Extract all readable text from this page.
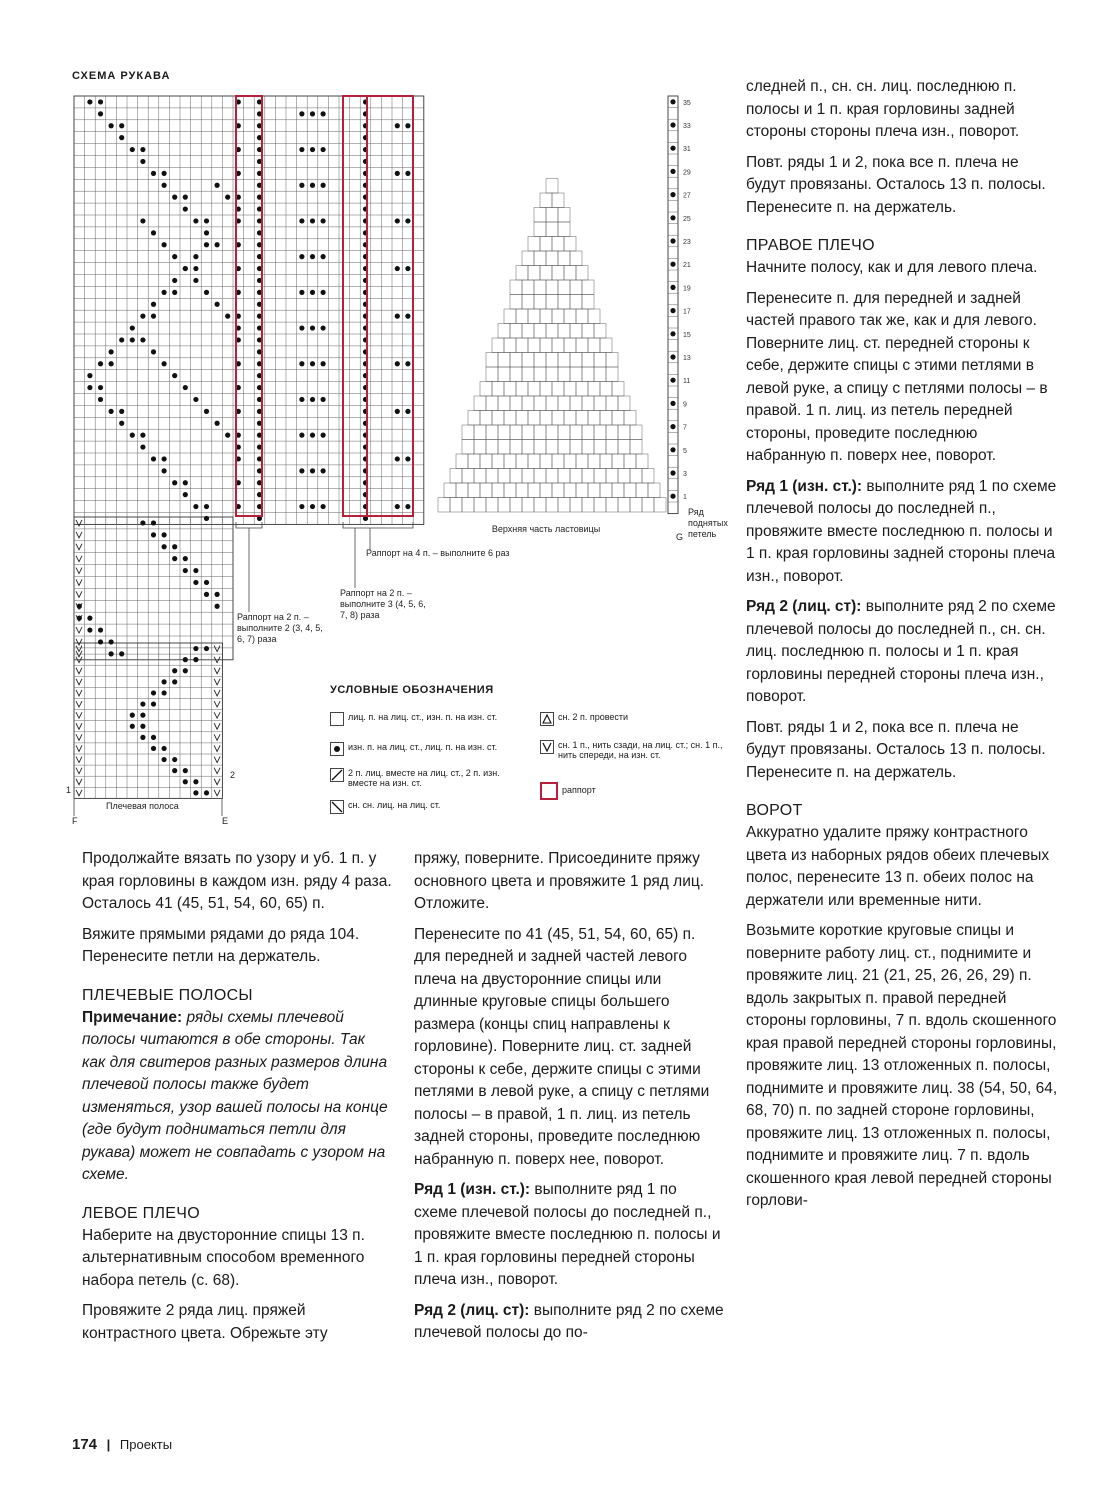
СХЕМА РУКАВА
35
33
31
29
27
25
23
21
19
17
15
13
11
9
7
5
3
1
Верхняя часть ластовицы
Ряд поднятых петель
G
Раппорт на 4 п. – выполните 6 раз
Раппорт на 2 п. – выполните 3 (4, 5, 6, 7, 8) раза
Раппорт на 2 п. – выполните 2 (3, 4, 5, 6, 7) раза
Плечевая полоса
F	E
2
1
УСЛОВНЫЕ ОБОЗНАЧЕНИЯ
лиц. п. на лиц. ст., изн. п. на изн. ст.
изн. п. на лиц. ст., лиц. п. на изн. ст.
2 п. лиц. вместе на лиц. ст., 2 п. изн. вместе на изн. ст.
сн. сн. лиц. на лиц. ст.
сн. 2 п. провести
сн. 1 п., нить сзади, на лиц. ст.; сн. 1 п., нить спереди, на изн. ст.
раппорт

Продолжайте вязать по узору и уб. 1 п. у края горловины в каждом изн. ряду 4 раза. Осталось 41 (45, 51, 54, 60, 65) п.

Вяжите прямыми рядами до ряда 104. Перенесите петли на держатель.

ПЛЕЧЕВЫЕ ПОЛОСЫ

Примечание: ряды схемы плечевой полосы читаются в обе стороны. Так как для свитеров разных размеров длина плечевой полосы также будет изменяться, узор вашей полосы на конце (где будут подниматься петли для рукава) может не совпадать с узором на схеме.

ЛЕВОЕ ПЛЕЧО

Наберите на двусторонние спицы 13 п. альтернативным способом временного набора петель (с. 68).

Провяжите 2 ряда лиц. пряжей контрастного цвета. Обрежьте эту

пряжу, поверните. Присоедините пряжу основного цвета и провяжите 1 ряд лиц. Отложите.

Перенесите по 41 (45, 51, 54, 60, 65) п. для передней и задней частей левого плеча на двусторонние спицы или длинные круговые спицы большего размера (концы спиц направлены к горловине). Поверните лиц. ст. задней стороны к себе, держите спицы с этими петлями в левой руке, а спицу с петлями полосы – в правой, 1 п. лиц. из петель задней стороны, проведите последнюю набранную п. поверх нее, поворот.

Ряд 1 (изн. ст.): выполните ряд 1 по схеме плечевой полосы до последней п., провяжите вместе последнюю п. полосы и 1 п. края горловины передней стороны плеча изн., поворот.

Ряд 2 (лиц. ст): выполните ряд 2 по схеме плечевой полосы до по-

следней п., сн. сн. лиц. последнюю п. полосы и 1 п. края горловины задней стороны стороны плеча изн., поворот.

Повт. ряды 1 и 2, пока все п. плеча не будут провязаны. Осталось 13 п. полосы. Перенесите п. на держатель.

ПРАВОЕ ПЛЕЧО

Начните полосу, как и для левого плеча.

Перенесите п. для передней и задней частей правого так же, как и для левого. Поверните лиц. ст. передней стороны к себе, держите спицы с этими петлями в левой руке, а спицу с петлями полосы – в правой. 1 п. лиц. из петель передней стороны, проведите последнюю набранную п. поверх нее, поворот.

Ряд 1 (изн. ст.): выполните ряд 1 по схеме плечевой полосы до последней п., провяжите вместе последнюю п. полосы и 1 п. края горловины задней стороны плеча изн., поворот.

Ряд 2 (лиц. ст): выполните ряд 2 по схеме плечевой полосы до последней п., сн. сн. лиц. последнюю п. полосы и 1 п. края горловины передней стороны плеча изн., поворот.

Повт. ряды 1 и 2, пока все п. плеча не будут провязаны. Осталось 13 п. полосы. Перенесите п. на держатель.

ВОРОТ

Аккуратно удалите пряжу контрастного цвета из наборных рядов обеих плечевых полос, перенесите 13 п. обеих полос на держатели или временные нити.

Возьмите короткие круговые спицы и поверните работу лиц. ст., поднимите и провяжите лиц. 21 (21, 25, 26, 26, 29) п. вдоль закрытых п. правой передней стороны горловины, 7 п. вдоль скошенного края правой передней стороны горловины, провяжите лиц. 13 отложенных п. полосы, поднимите и провяжите лиц. 38 (54, 50, 64, 68, 70) п. по задней стороне горловины, провяжите лиц. 13 отложенных п. полосы, поднимите и провяжите лиц. 7 п. вдоль скошенного края левой передней стороны горлови-

174 | Проекты
